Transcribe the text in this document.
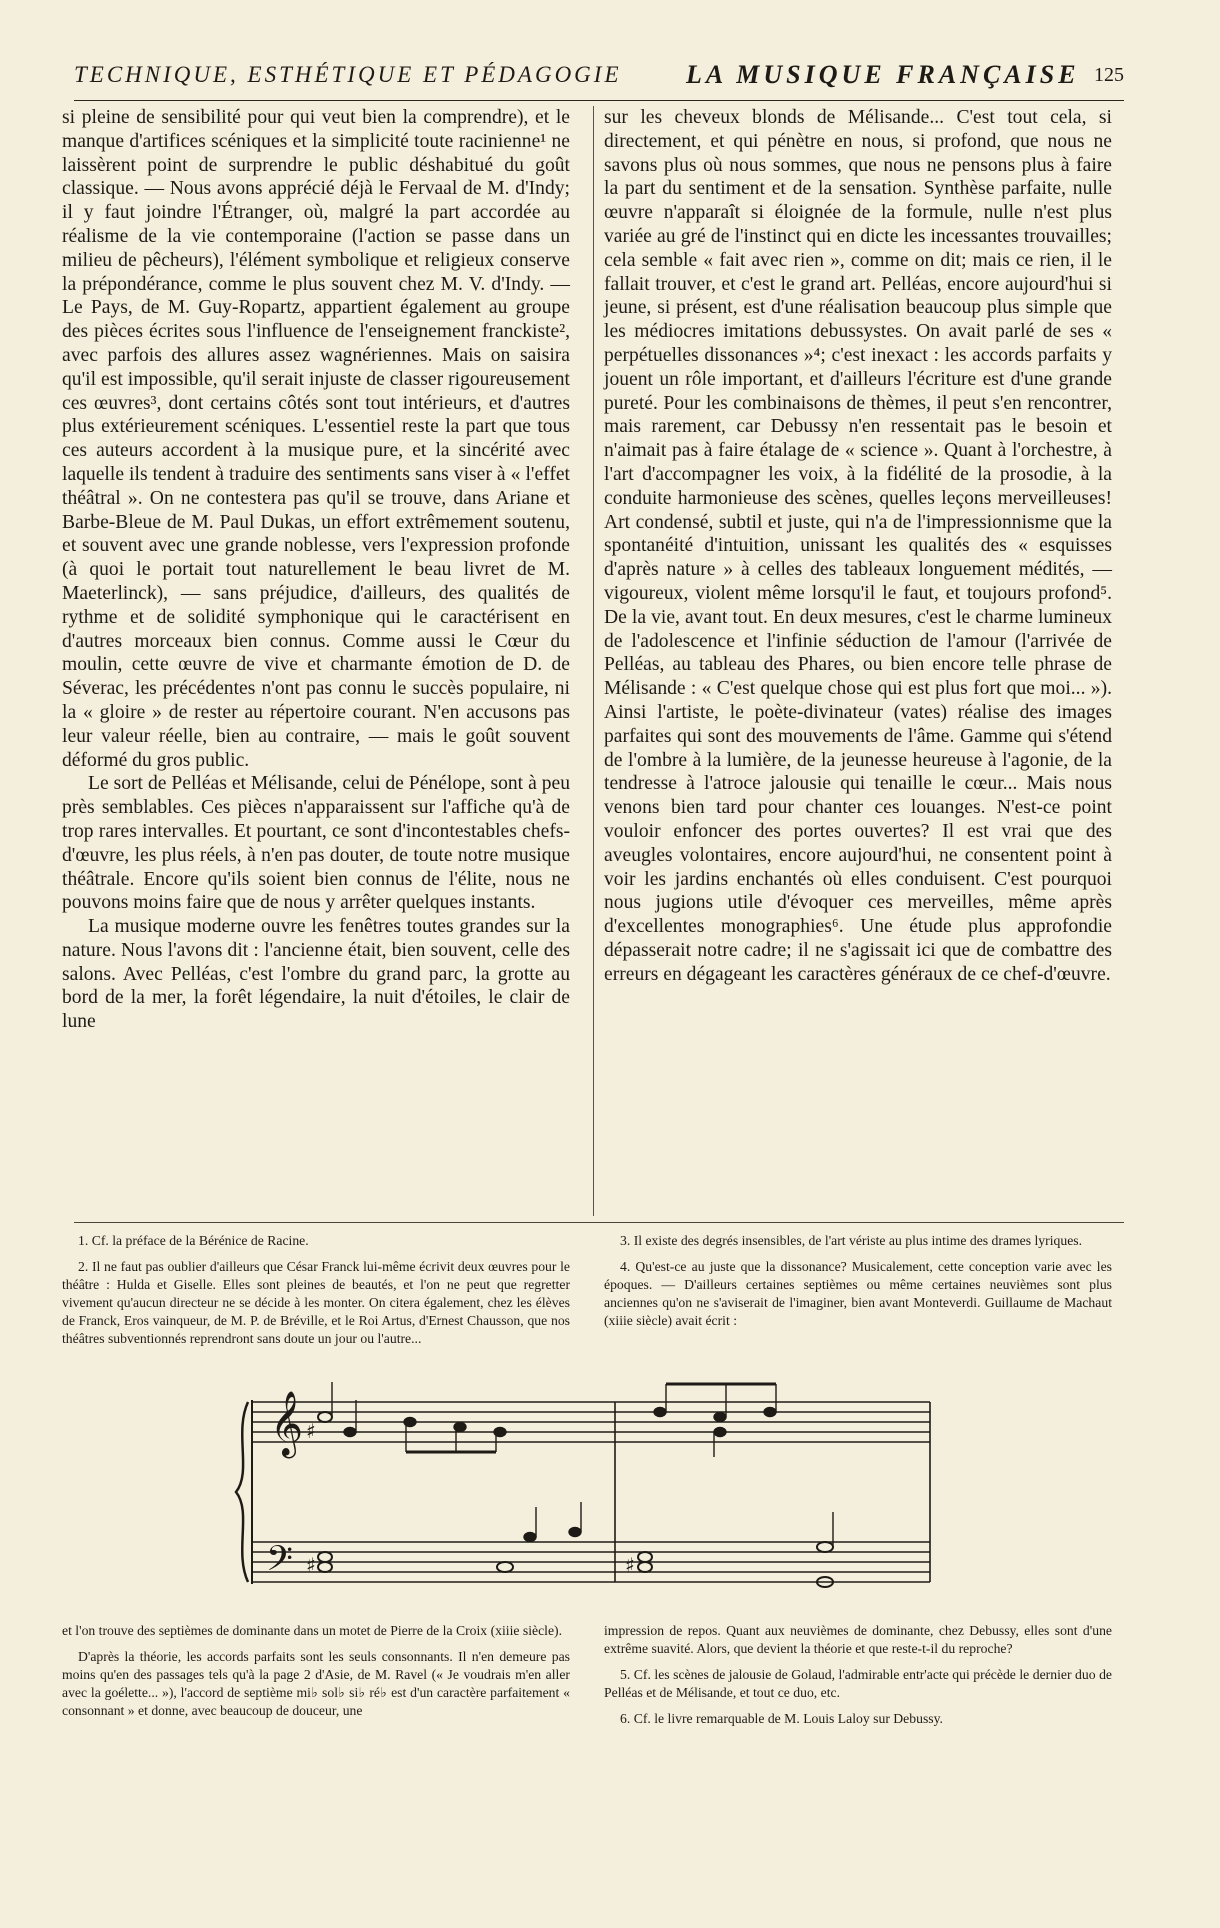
TECHNIQUE, ESTHÉTIQUE ET PÉDAGOGIE LA MUSIQUE FRANÇAISE 125

si pleine de sensibilité pour qui veut bien la comprendre), et le manque d'artifices scéniques et la simplicité toute racinienne¹ ne laissèrent point de surprendre le public déshabitué du goût classique. — Nous avons apprécié déjà le Fervaal de M. d'Indy; il y faut joindre l'Étranger, où, malgré la part accordée au réalisme de la vie contemporaine (l'action se passe dans un milieu de pêcheurs), l'élément symbolique et religieux conserve la prépondérance, comme le plus souvent chez M. V. d'Indy. — Le Pays, de M. Guy-Ropartz, appartient également au groupe des pièces écrites sous l'influence de l'enseignement franckiste², avec parfois des allures assez wagnériennes. Mais on saisira qu'il est impossible, qu'il serait injuste de classer rigoureusement ces œuvres³, dont certains côtés sont tout intérieurs, et d'autres plus extérieurement scéniques. L'essentiel reste la part que tous ces auteurs accordent à la musique pure, et la sincérité avec laquelle ils tendent à traduire des sentiments sans viser à « l'effet théâtral ». On ne contestera pas qu'il se trouve, dans Ariane et Barbe-Bleue de M. Paul Dukas, un effort extrêmement soutenu, et souvent avec une grande noblesse, vers l'expression profonde (à quoi le portait tout naturellement le beau livret de M. Maeterlinck), — sans préjudice, d'ailleurs, des qualités de rythme et de solidité symphonique qui le caractérisent en d'autres morceaux bien connus. Comme aussi le Cœur du moulin, cette œuvre de vive et charmante émotion de D. de Séverac, les précédentes n'ont pas connu le succès populaire, ni la « gloire » de rester au répertoire courant. N'en accusons pas leur valeur réelle, bien au contraire, — mais le goût souvent déformé du gros public.

Le sort de Pelléas et Mélisande, celui de Pénélope, sont à peu près semblables. Ces pièces n'apparaissent sur l'affiche qu'à de trop rares intervalles. Et pourtant, ce sont d'incontestables chefs-d'œuvre, les plus réels, à n'en pas douter, de toute notre musique théâtrale. Encore qu'ils soient bien connus de l'élite, nous ne pouvons moins faire que de nous y arrêter quelques instants.

La musique moderne ouvre les fenêtres toutes grandes sur la nature. Nous l'avons dit : l'ancienne était, bien souvent, celle des salons. Avec Pelléas, c'est l'ombre du grand parc, la grotte au bord de la mer, la forêt légendaire, la nuit d'étoiles, le clair de lune

sur les cheveux blonds de Mélisande... C'est tout cela, si directement, et qui pénètre en nous, si profond, que nous ne savons plus où nous sommes, que nous ne pensons plus à faire la part du sentiment et de la sensation. Synthèse parfaite, nulle œuvre n'apparaît si éloignée de la formule, nulle n'est plus variée au gré de l'instinct qui en dicte les incessantes trouvailles; cela semble « fait avec rien », comme on dit; mais ce rien, il le fallait trouver, et c'est le grand art. Pelléas, encore aujourd'hui si jeune, si présent, est d'une réalisation beaucoup plus simple que les médiocres imitations debussystes. On avait parlé de ses « perpétuelles dissonances »⁴; c'est inexact : les accords parfaits y jouent un rôle important, et d'ailleurs l'écriture est d'une grande pureté. Pour les combinaisons de thèmes, il peut s'en rencontrer, mais rarement, car Debussy n'en ressentait pas le besoin et n'aimait pas à faire étalage de « science ». Quant à l'orchestre, à l'art d'accompagner les voix, à la fidélité de la prosodie, à la conduite harmonieuse des scènes, quelles leçons merveilleuses! Art condensé, subtil et juste, qui n'a de l'impressionnisme que la spontanéité d'intuition, unissant les qualités des « esquisses d'après nature » à celles des tableaux longuement médités, — vigoureux, violent même lorsqu'il le faut, et toujours profond⁵. De la vie, avant tout. En deux mesures, c'est le charme lumineux de l'adolescence et l'infinie séduction de l'amour (l'arrivée de Pelléas, au tableau des Phares, ou bien encore telle phrase de Mélisande : « C'est quelque chose qui est plus fort que moi... »). Ainsi l'artiste, le poète-divinateur (vates) réalise des images parfaites qui sont des mouvements de l'âme. Gamme qui s'étend de l'ombre à la lumière, de la jeunesse heureuse à l'agonie, de la tendresse à l'atroce jalousie qui tenaille le cœur... Mais nous venons bien tard pour chanter ces louanges. N'est-ce point vouloir enfoncer des portes ouvertes? Il est vrai que des aveugles volontaires, encore aujourd'hui, ne consentent point à voir les jardins enchantés où elles conduisent. C'est pourquoi nous jugions utile d'évoquer ces merveilles, même après d'excellentes monographies⁶. Une étude plus approfondie dépasserait notre cadre; il ne s'agissait ici que de combattre des erreurs en dégageant les caractères généraux de ce chef-d'œuvre.

1. Cf. la préface de la Bérénice de Racine.

2. Il ne faut pas oublier d'ailleurs que César Franck lui-même écrivit deux œuvres pour le théâtre : Hulda et Giselle. Elles sont pleines de beautés, et l'on ne peut que regretter vivement qu'aucun directeur ne se décide à les monter. On citera également, chez les élèves de Franck, Eros vainqueur, de M. P. de Bréville, et le Roi Artus, d'Ernest Chausson, que nos théâtres subventionnés reprendront sans doute un jour ou l'autre...

3. Il existe des degrés insensibles, de l'art vériste au plus intime des drames lyriques.

4. Qu'est-ce au juste que la dissonance? Musicalement, cette conception varie avec les époques. — D'ailleurs certaines septièmes ou même certaines neuvièmes sont plus anciennes qu'on ne s'aviserait de l'imaginer, bien avant Monteverdi. Guillaume de Machaut (xiiie siècle) avait écrit :

𝄞
𝄢
♯
♯	♯

et l'on trouve des septièmes de dominante dans un motet de Pierre de la Croix (xiiie siècle).

D'après la théorie, les accords parfaits sont les seuls consonnants. Il n'en demeure pas moins qu'en des passages tels qu'à la page 2 d'Asie, de M. Ravel (« Je voudrais m'en aller avec la goélette... »), l'accord de septième mi♭ sol♭ si♭ ré♭ est d'un caractère parfaitement « consonnant » et donne, avec beaucoup de douceur, une

impression de repos. Quant aux neuvièmes de dominante, chez Debussy, elles sont d'une extrême suavité. Alors, que devient la théorie et que reste-t-il du reproche?

5. Cf. les scènes de jalousie de Golaud, l'admirable entr'acte qui précède le dernier duo de Pelléas et de Mélisande, et tout ce duo, etc.

6. Cf. le livre remarquable de M. Louis Laloy sur Debussy.
